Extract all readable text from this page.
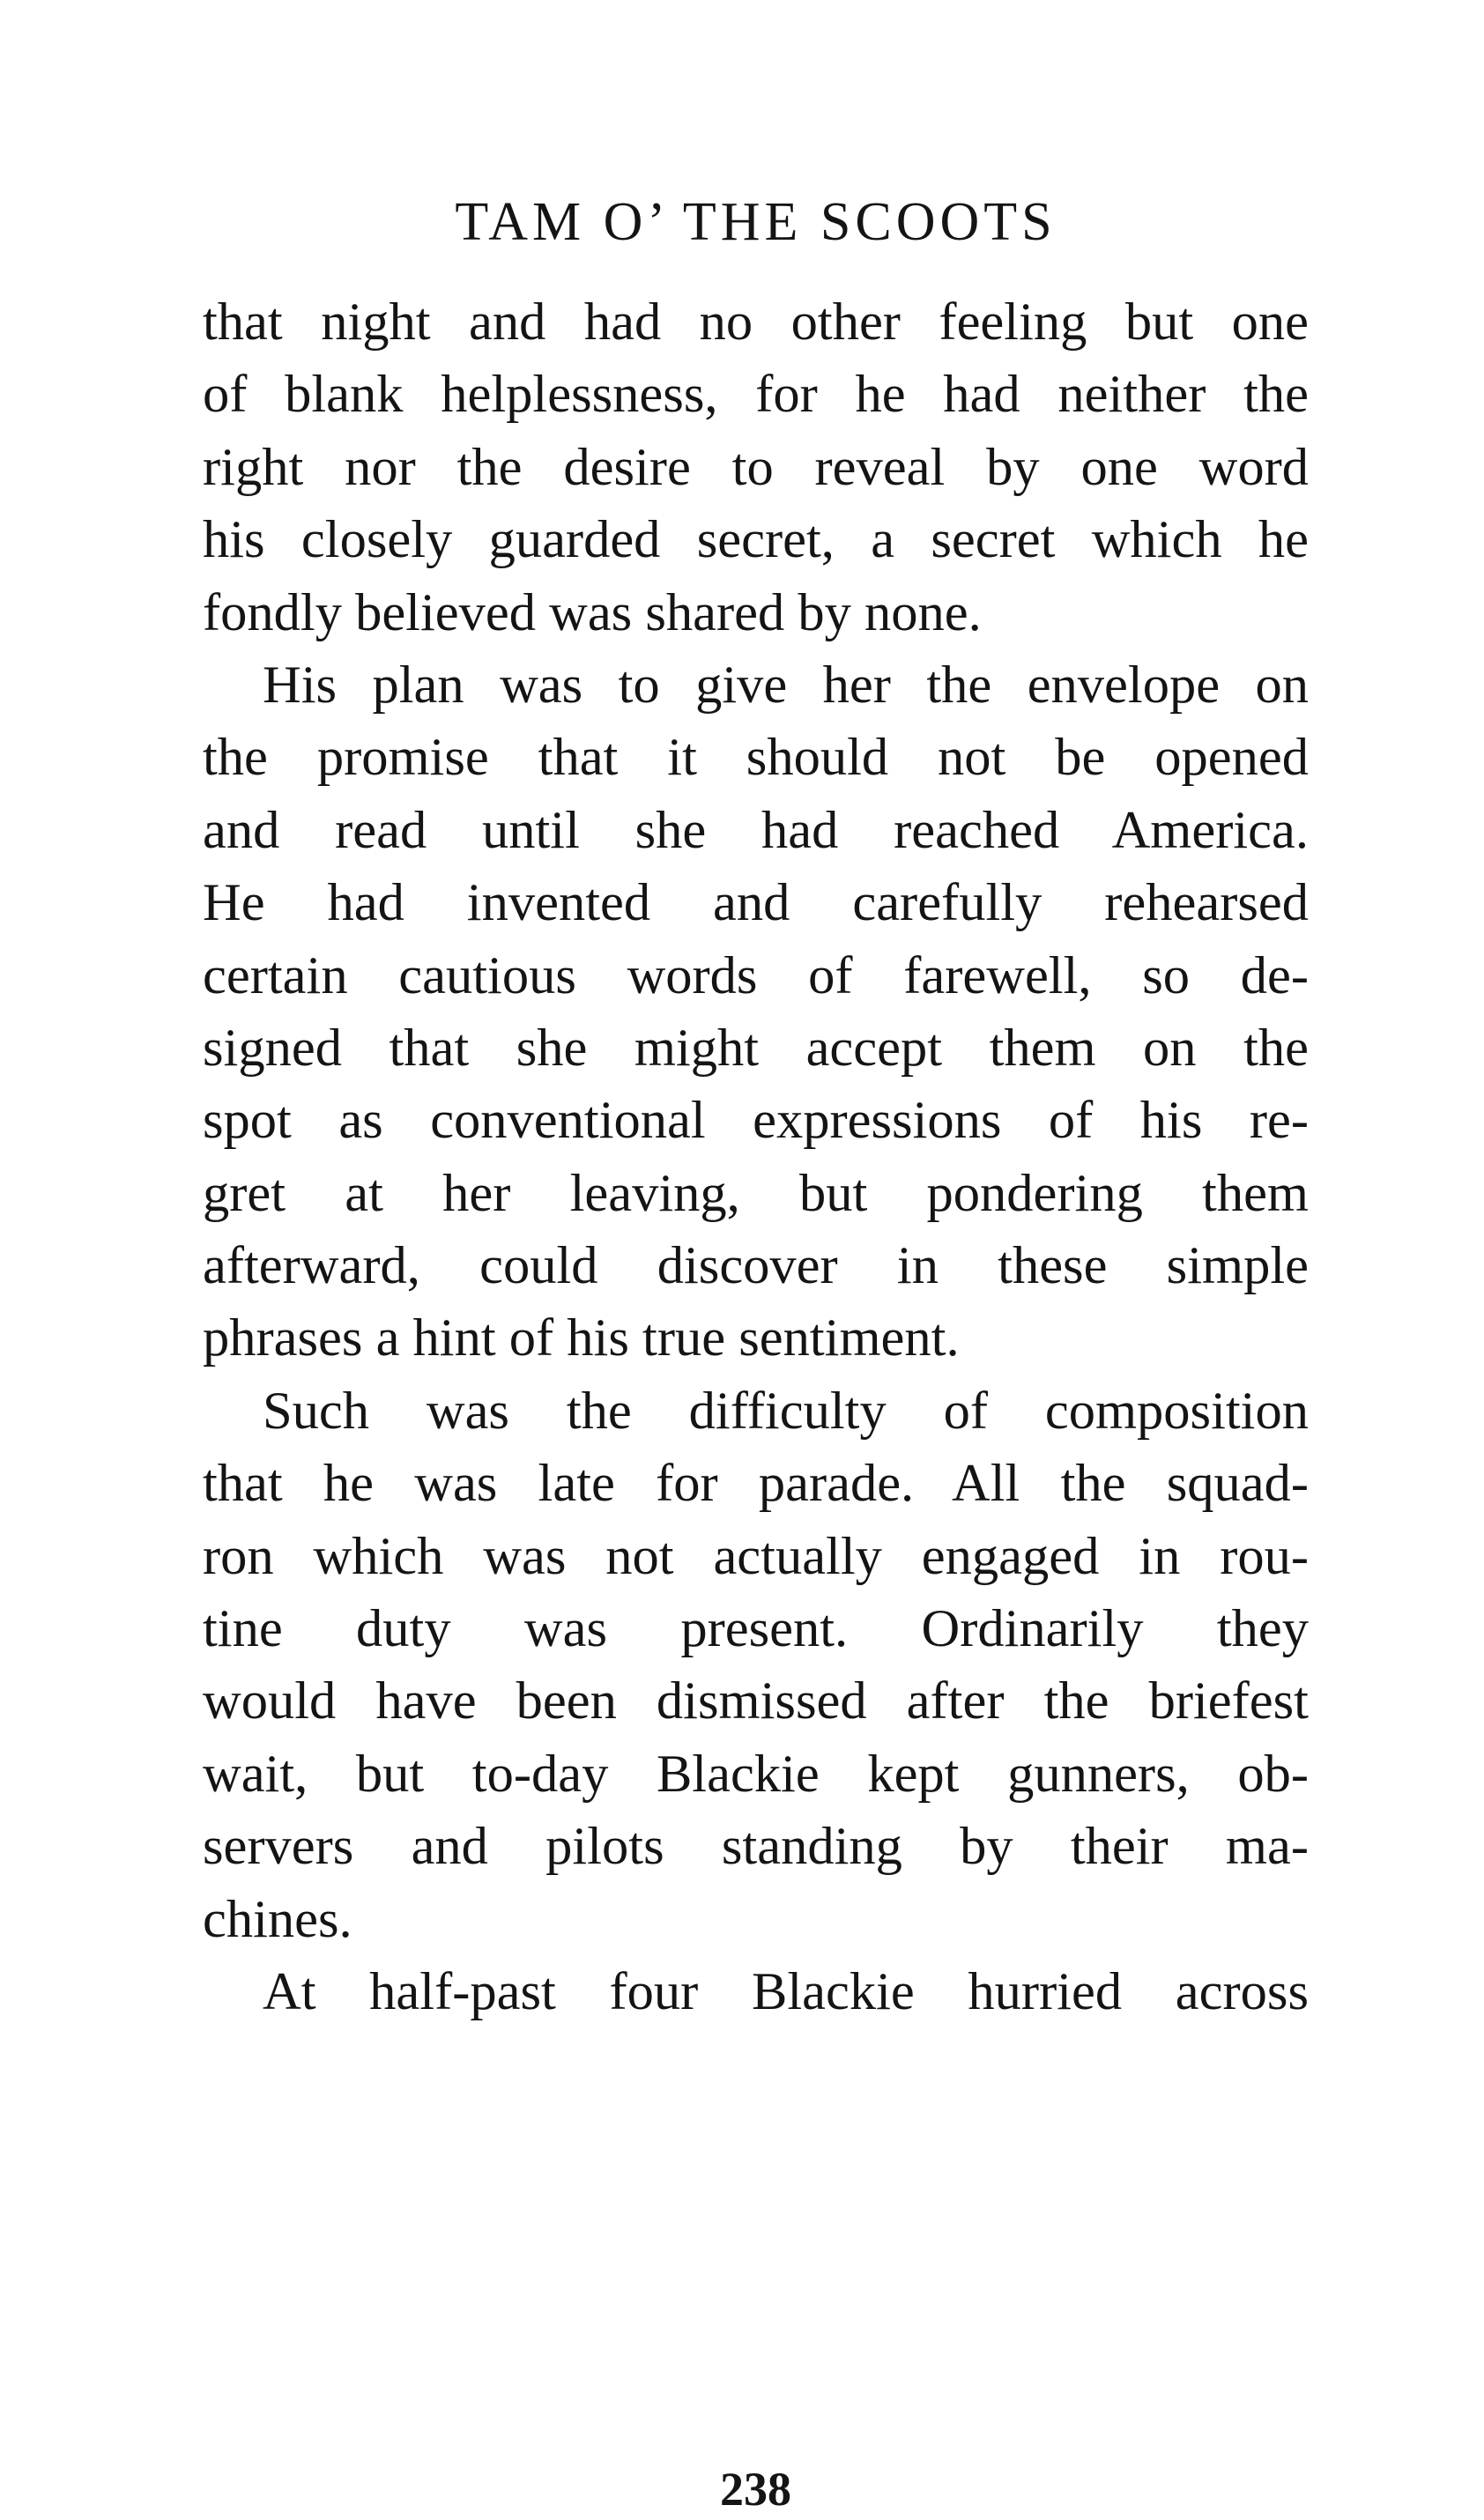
TAM O’ THE SCOOTS
that night and had no other feeling but one
of blank helplessness, for he had neither the
right nor the desire to reveal by one word
his closely guarded secret, a secret which he
fondly believed was shared by none.
His plan was to give her the envelope on
the promise that it should not be opened
and read until she had reached America.
He had invented and carefully rehearsed
certain cautious words of farewell, so de-
signed that she might accept them on the
spot as conventional expressions of his re-
gret at her leaving, but pondering them
afterward, could discover in these simple
phrases a hint of his true sentiment.
Such was the difficulty of composition
that he was late for parade. All the squad-
ron which was not actually engaged in rou-
tine duty was present. Ordinarily they
would have been dismissed after the briefest
wait, but to-day Blackie kept gunners, ob-
servers and pilots standing by their ma-
chines.
At half-past four Blackie hurried across
238
